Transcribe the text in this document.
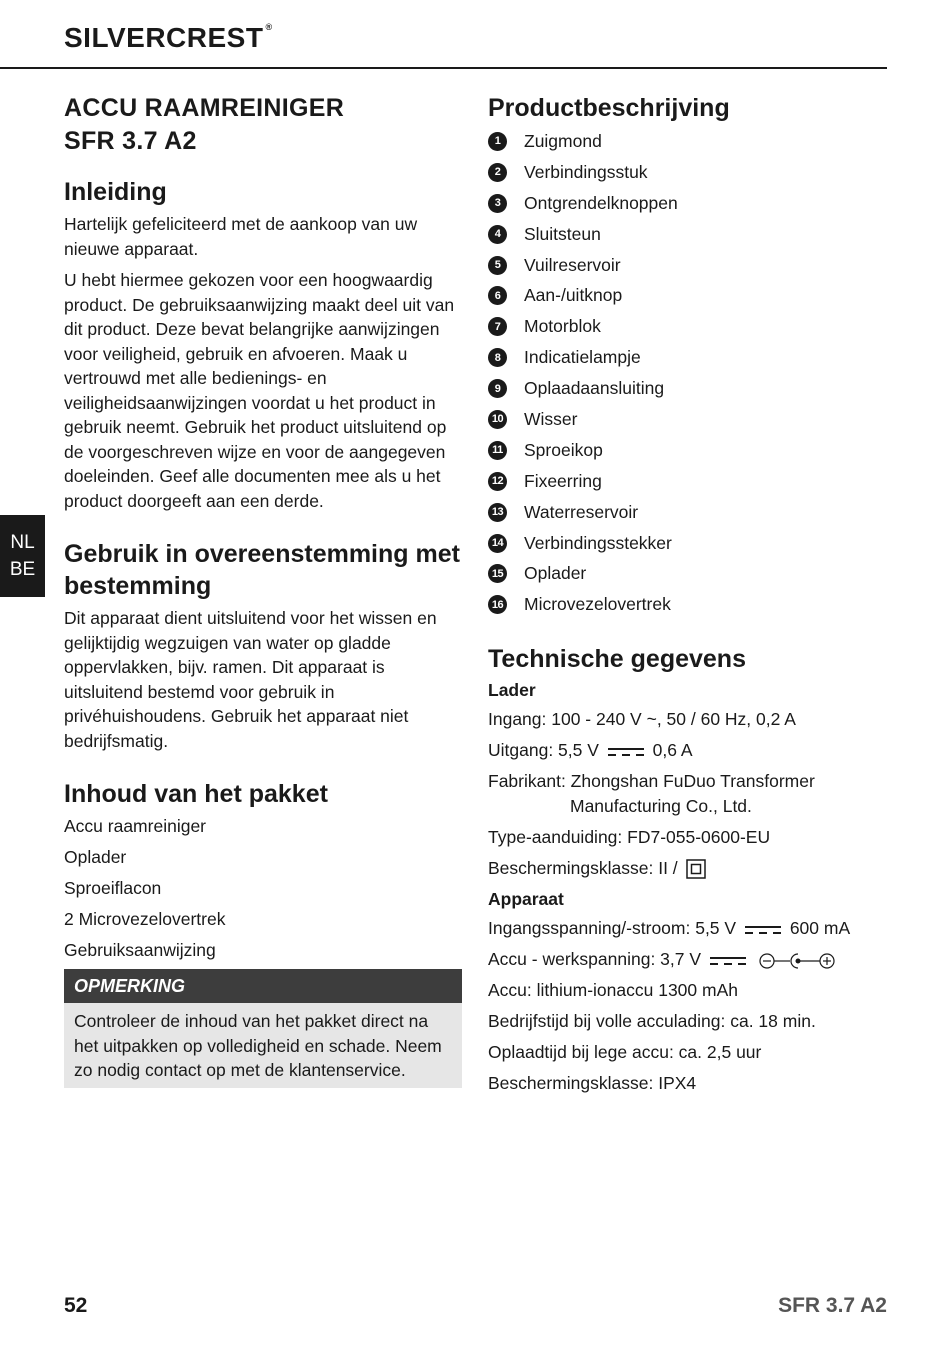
SILVERCREST ®
NL
BE
ACCU RAAMREINIGER
SFR 3.7 A2
Inleiding

Hartelijk gefeliciteerd met de aankoop van uw nieuwe apparaat.

U hebt hiermee gekozen voor een hoogwaardig product. De gebruiksaanwijzing maakt deel uit van dit product. Deze bevat belangrijke aanwijzingen voor veiligheid, gebruik en afvoeren. Maak u vertrouwd met alle bedienings- en veiligheidsaanwijzingen voordat u het product in gebruik neemt. Gebruik het product uitsluitend op de voorgeschreven wijze en voor de aangegeven doeleinden. Geef alle documenten mee als u het product doorgeeft aan een derde.

Gebruik in overeenstemming met bestemming

Dit apparaat dient uitsluitend voor het wissen en gelijktijdig wegzuigen van water op gladde oppervlakken, bijv. ramen. Dit apparaat is uitsluitend bestemd voor gebruik in privéhuishoudens. Gebruik het apparaat niet bedrijfsmatig.

Inhoud van het pakket
Accu raamreiniger
Oplader
Sproeiflacon
2 Microvezelovertrek
Gebruiksaanwijzing
OPMERKING
Controleer de inhoud van het pakket direct na het uitpakken op volledigheid en schade. Neem zo nodig contact op met de klantenservice.
Productbeschrijving
1	Zuigmond
2	Verbindingsstuk
3	Ontgrendelknoppen
4	Sluitsteun
5	Vuilreservoir
6	Aan-/uitknop
7	Motorblok
8	Indicatielampje
9	Oplaadaansluiting
10 Wisser
11 Sproeikop
12 Fixeerring
13 Waterreservoir
14 Verbindingsstekker
15 Oplader
16 Microvezelovertrek
Technische gegevens
Lader
Ingang: 100 - 240 V ~, 50 / 60 Hz, 0,2 A
Uitgang: 5,5 V	0,6 A
Fabrikant: Zhongshan FuDuo Transformer
Manufacturing Co., Ltd.
Type-aanduiding: FD7-055-0600-EU
Beschermingsklasse: II /
Apparaat
Ingangsspanning/-stroom: 5,5 V	600 mA
Accu - werkspanning: 3,7 V
Accu: lithium-ionaccu 1300 mAh
Bedrijfstijd bij volle acculading: ca. 18 min.
Oplaadtijd bij lege accu: ca. 2,5 uur
Beschermingsklasse: IPX4
52	SFR 3.7 A2
